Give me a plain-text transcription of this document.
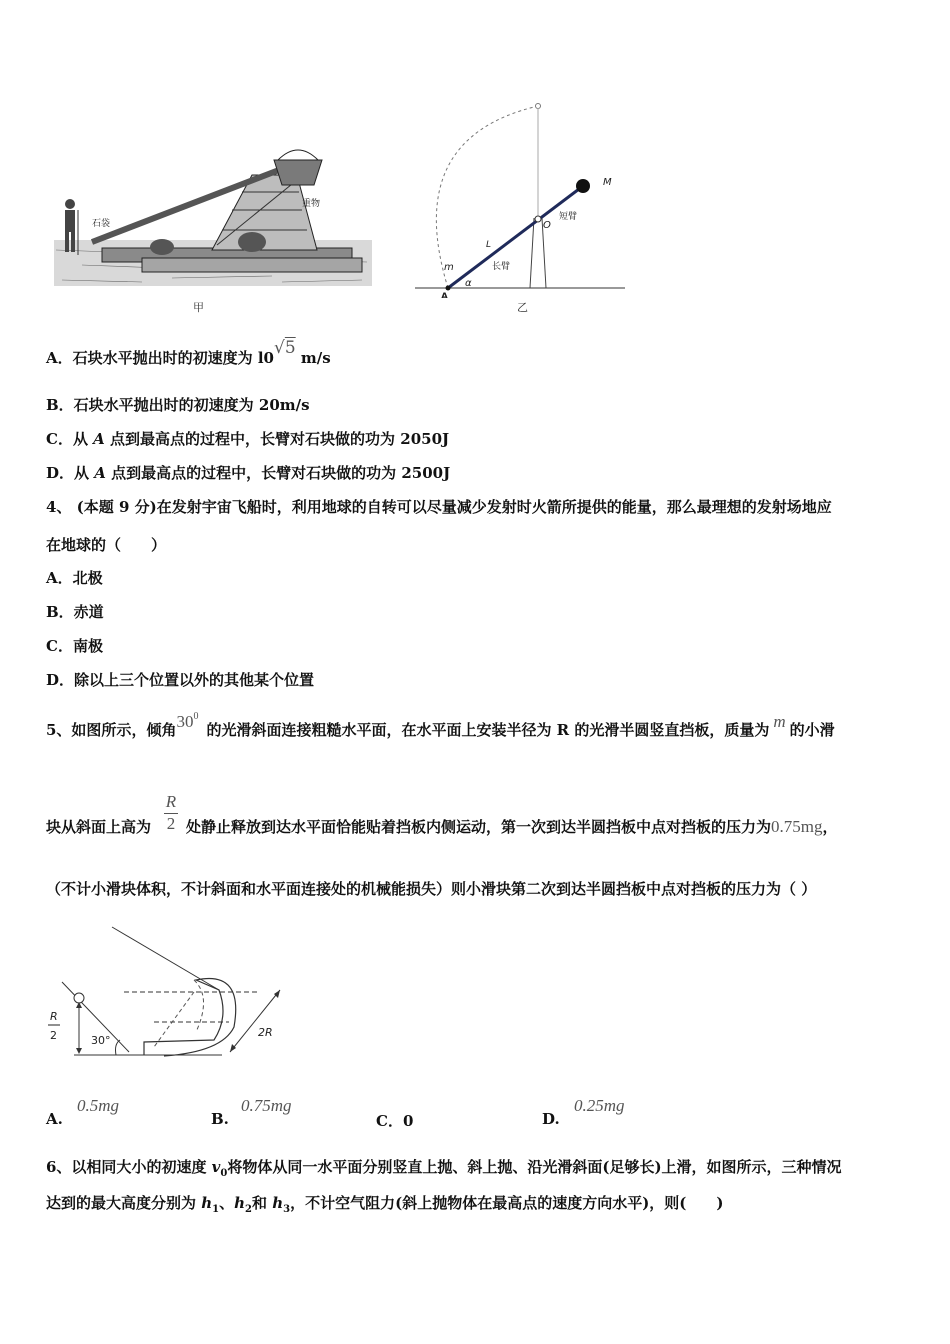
石袋
重物
甲
M
O
短臂
L
长臂
m
α
A
乙
A．石块水平抛出时的初速度为 l0√5 m/s
B．石块水平抛出时的初速度为 20m/s
C．从 A 点到最高点的过程中，长臂对石块做的功为 2050J
D．从 A 点到最高点的过程中，长臂对石块做的功为 2500J
4、 (本题 9 分)在发射宇宙飞船时，利用地球的自转可以尽量减少发射时火箭所提供的能量，那么最理想的发射场地应
在地球的（　　）
A．北极
B．赤道
C．南极
D．除以上三个位置以外的其他某个位置
5、如图所示，倾角$30^0$的光滑斜面连接粗糙水平面，在水平面上安装半径为 R 的光滑半圆竖直挡板，质量为 m 的小滑
块从斜面上高为
R
2 处静止释放到达水平面恰能贴着挡板内侧运动，第一次到达半圆挡板中点对挡板的压力为0.75mg，
（不计小滑块体积，不计斜面和水平面连接处的机械能损失）则小滑块第二次到达半圆挡板中点对挡板的压力为（ ）
R
2	30°
2R
A.
0.5mg
B.
0.75mg
C．0	D.
0.25mg
6、以相同大小的初速度 $v_0$将物体从同一水平面分别竖直上抛、斜上抛、沿光滑斜面(足够长)上滑，如图所示，三种情况
达到的最大高度分别为 $h_1$、$h_2$和 $h_3$，不计空气阻力(斜上抛物体在最高点的速度方向水平)，则(　　)
